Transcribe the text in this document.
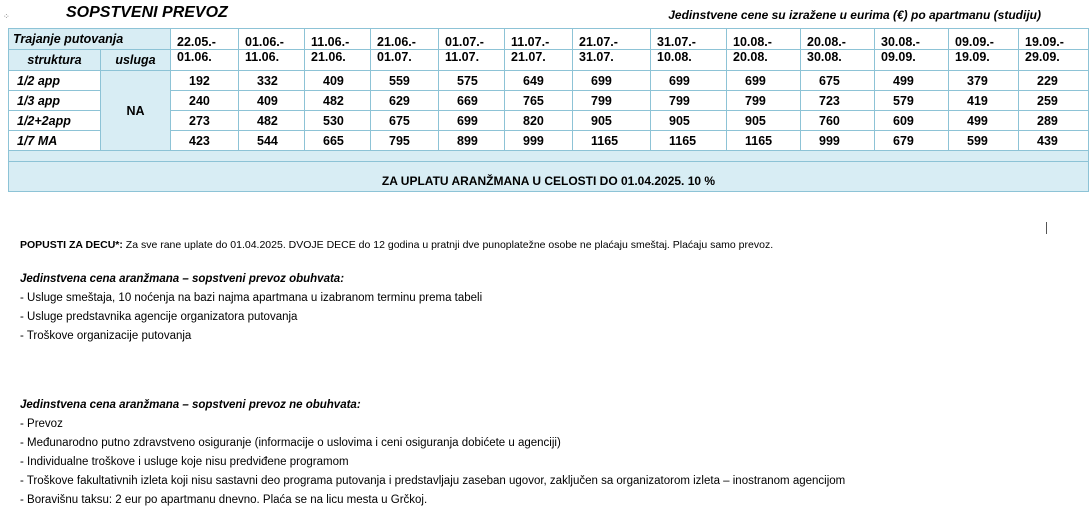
⁘	SOPSTVENI PREVOZ	Jedinstvene cene su izražene u eurima (€) po apartmanu (studiju)
Trajanje putovanja		22.05.-	01.06.-	11.06.-	21.06.-	01.07.-	11.07.-	21.07.-	31.07.-	10.08.-	20.08.-	30.08.-	09.09.-	19.09.-
struktura	usluga	01.06.	11.06.	21.06.	01.07.	11.07.	21.07.	31.07.	10.08.	20.08.	30.08.	09.09.	19.09.	29.09.
1/2 app	NA	192	332	409	559	575	649	699	699	699	675	499	379	229
1/3 app		240	409	482	629	669	765	799	799	799	723	579	419	259
1/2+2app		273	482	530	675	699	820	905	905	905	760	609	499	289
1/7 MA		423	544	665	795	899	999	1165	1165	1165	999	679	599	439

ZA UPLATU ARANŽMANA U CELOSTI DO 01.04.2025. 10 %														
POPUSTI ZA DECU*: Za sve rane uplate do 01.04.2025. DVOJE DECE do 12 godina u pratnji dve punoplatežne osobe ne plaćaju smeštaj. Plaćaju samo prevoz.
Jedinstvena cena aranžmana – sopstveni prevoz obuhvata:
- Usluge smeštaja, 10 noćenja na bazi najma apartmana u izabranom terminu prema tabeli
- Usluge predstavnika agencije organizatora putovanja
- Troškove organizacije putovanja
Jedinstvena cena aranžmana – sopstveni prevoz ne obuhvata:
- Prevoz
- Međunarodno putno zdravstveno osiguranje (informacije o uslovima i ceni osiguranja dobićete u agenciji)
- Individualne troškove i usluge koje nisu predviđene programom
- Troškove fakultativnih izleta koji nisu sastavni deo programa putovanja i predstavljaju zaseban ugovor, zaključen sa organizatorom izleta – inostranom agencijom
- Boravišnu taksu: 2 eur po apartmanu dnevno. Plaća se na licu mesta u Grčkoj.
